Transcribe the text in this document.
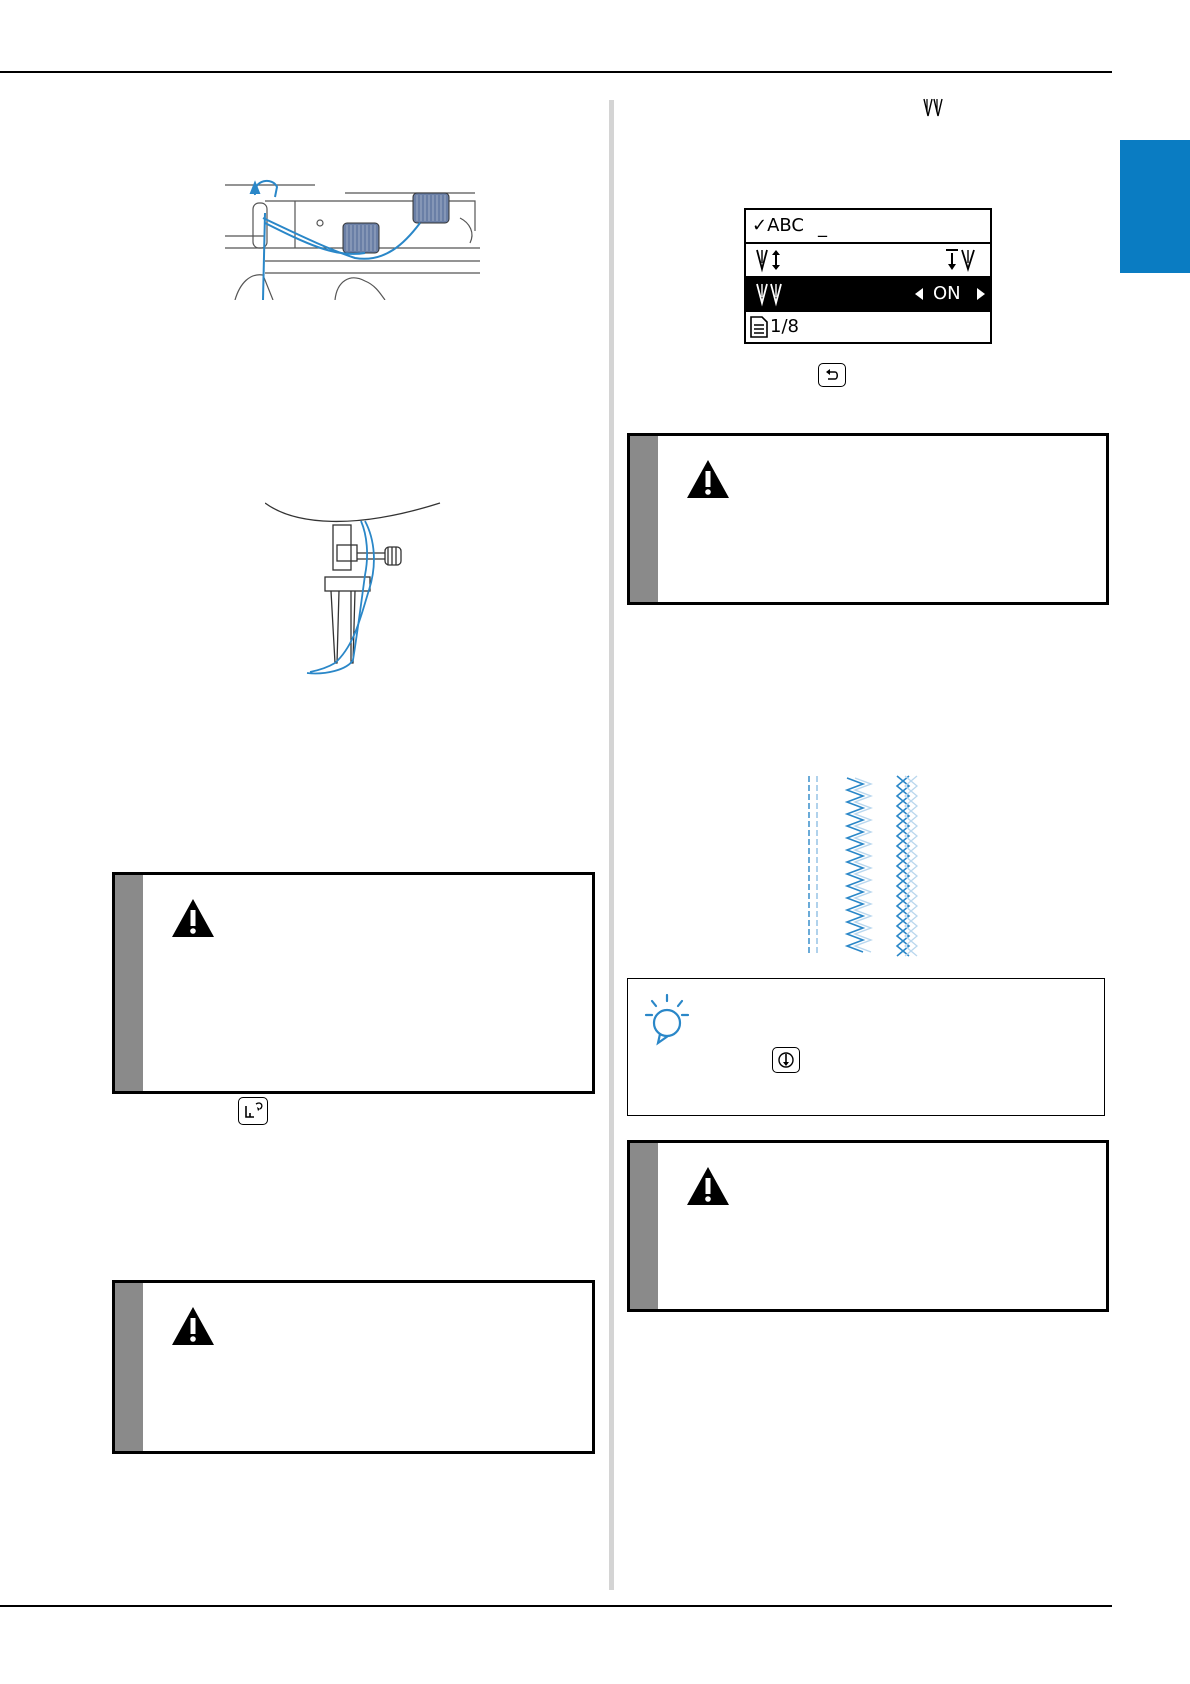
✓ABC _
ON
1/8
